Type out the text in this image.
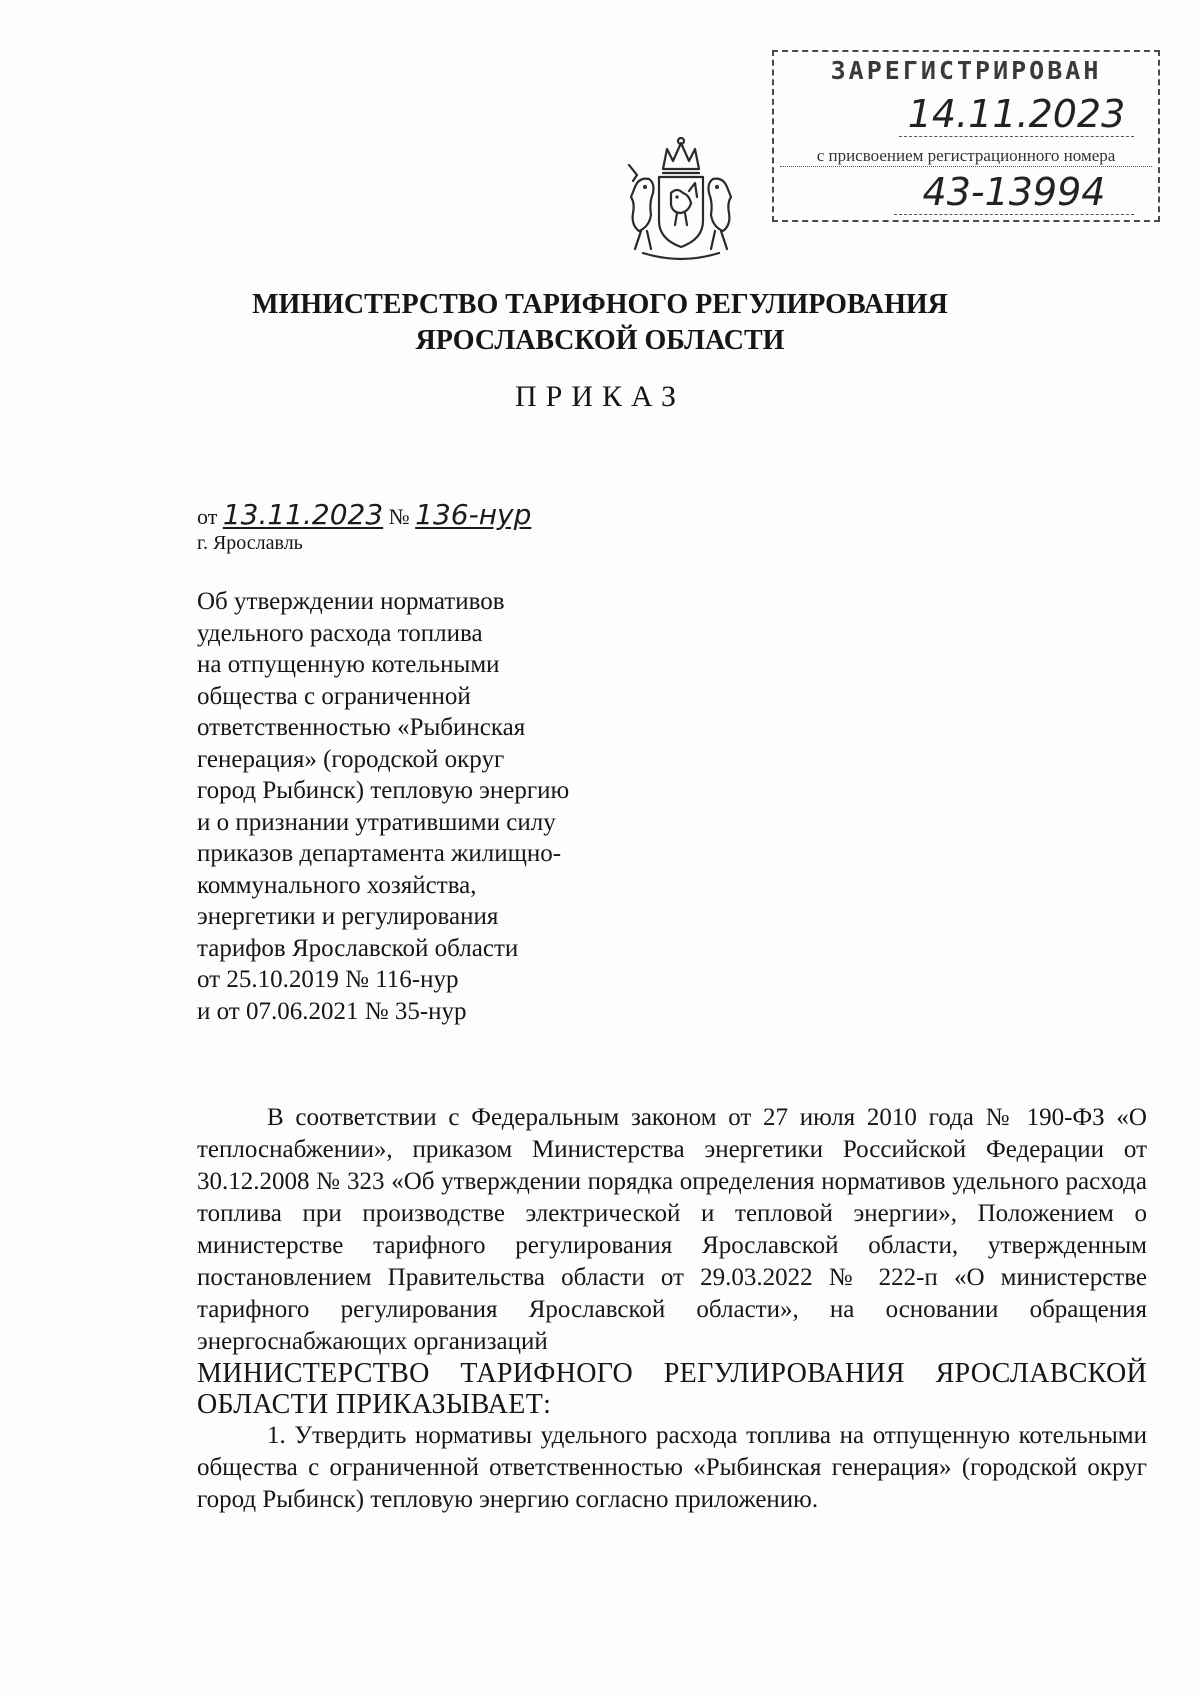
ЗАРЕГИСТРИРОВАН
14.11.2023
с присвоением регистрационного номера
43-13994
МИНИСТЕРСТВО ТАРИФНОГО РЕГУЛИРОВАНИЯ
ЯРОСЛАВСКОЙ ОБЛАСТИ
ПРИКАЗ
от 13.11.2023 № 136-нур
г. Ярославль
Об утверждении нормативов
удельного расхода топлива
на отпущенную котельными
общества с ограниченной
ответственностью «Рыбинская
генерация» (городской округ
город Рыбинск) тепловую энергию
и о признании утратившими силу
приказов департамента жилищно-
коммунального хозяйства,
энергетики и регулирования
тарифов Ярославской области
от 25.10.2019 № 116-нур
и от 07.06.2021 № 35-нур

В соответствии с Федеральным законом от 27 июля 2010 года № 190-ФЗ «О теплоснабжении», приказом Министерства энергетики Российской Федерации от 30.12.2008 № 323 «Об утверждении порядка определения нормативов удельного расхода топлива при производстве электрической и тепловой энергии», Положением о министерстве тарифного регулирования Ярославской области, утвержденным постановлением Правительства области от 29.03.2022 № 222-п «О министерстве тарифного регулирования Ярославской области», на основании обращения энергоснабжающих организаций

МИНИСТЕРСТВО ТАРИФНОГО РЕГУЛИРОВАНИЯ ЯРОСЛАВСКОЙ ОБЛАСТИ ПРИКАЗЫВАЕТ:

1. Утвердить нормативы удельного расхода топлива на отпущенную котельными общества с ограниченной ответственностью «Рыбинская генерация» (городской округ город Рыбинск) тепловую энергию согласно приложению.
